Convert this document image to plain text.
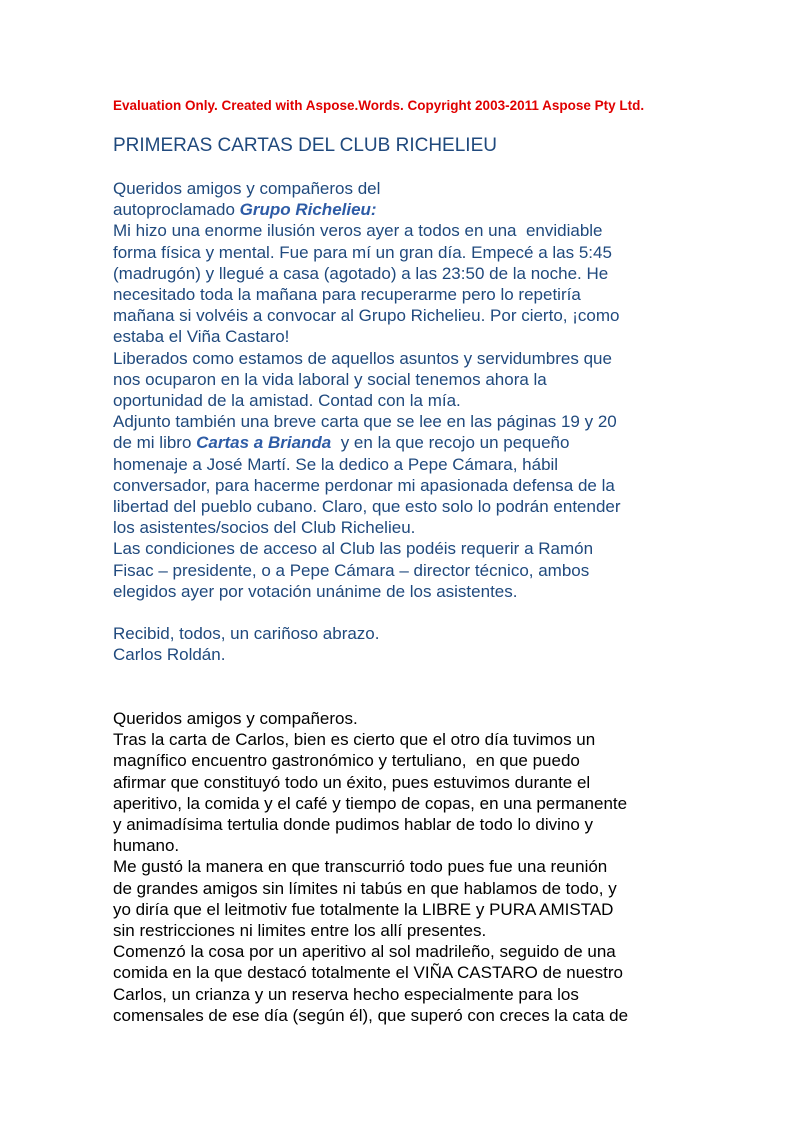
Evaluation Only. Created with Aspose.Words. Copyright 2003-2011 Aspose Pty Ltd.
PRIMERAS CARTAS DEL CLUB RICHELIEU
Queridos amigos y compañeros del
autoproclamado Grupo Richelieu:
Mi hizo una enorme ilusión veros ayer a todos en una  envidiable
forma física y mental. Fue para mí un gran día. Empecé a las 5:45
(madrugón) y llegué a casa (agotado) a las 23:50 de la noche. He
necesitado toda la mañana para recuperarme pero lo repetiría
mañana si volvéis a convocar al Grupo Richelieu. Por cierto, ¡como
estaba el Viña Castaro!
Liberados como estamos de aquellos asuntos y servidumbres que
nos ocuparon en la vida laboral y social tenemos ahora la
oportunidad de la amistad. Contad con la mía.
Adjunto también una breve carta que se lee en las páginas 19 y 20
de mi libro Cartas a Brianda  y en la que recojo un pequeño
homenaje a José Martí. Se la dedico a Pepe Cámara, hábil
conversador, para hacerme perdonar mi apasionada defensa de la
libertad del pueblo cubano. Claro, que esto solo lo podrán entender
los asistentes/socios del Club Richelieu.
Las condiciones de acceso al Club las podéis requerir a Ramón
Fisac – presidente, o a Pepe Cámara – director técnico, ambos
elegidos ayer por votación unánime de los asistentes.
Recibid, todos, un cariñoso abrazo.
Carlos Roldán.
Queridos amigos y compañeros.
Tras la carta de Carlos, bien es cierto que el otro día tuvimos un
magnífico encuentro gastronómico y tertuliano,  en que puedo
afirmar que constituyó todo un éxito, pues estuvimos durante el
aperitivo, la comida y el café y tiempo de copas, en una permanente
y animadísima tertulia donde pudimos hablar de todo lo divino y
humano.
Me gustó la manera en que transcurrió todo pues fue una reunión
de grandes amigos sin límites ni tabús en que hablamos de todo, y
yo diría que el leitmotiv fue totalmente la LIBRE y PURA AMISTAD
sin restricciones ni limites entre los allí presentes.
Comenzó la cosa por un aperitivo al sol madrileño, seguido de una
comida en la que destacó totalmente el VIÑA CASTARO de nuestro
Carlos, un crianza y un reserva hecho especialmente para los
comensales de ese día (según él), que superó con creces la cata de
